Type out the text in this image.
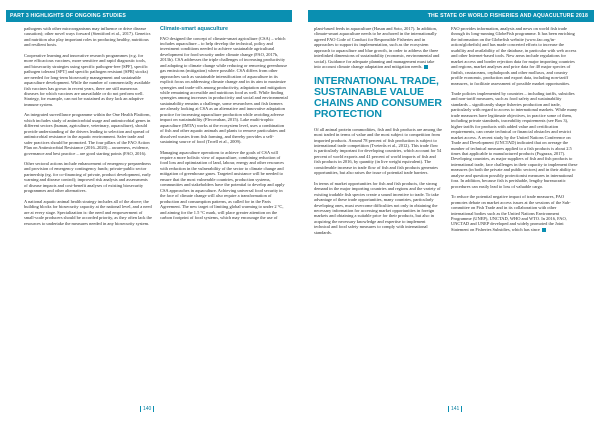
PART 3 HIGHLIGHTS OF ONGOING STUDIES	THE STATE OF WORLD FISHERIES AND AQUACULTURE 2018

pathogens with other microorganisms may influence or drive disease causation); other novel ways forward (Stentiford et al., 2017). Genetics and nutrition also play important roles in producing healthy, nutritious and resilient hosts.

Cooperative learning and innovative research programmes (e.g. for more efficacious vaccines, more sensitive and rapid diagnostic tools, and biosecurity strategies using specific pathogen-free [SPF], specific pathogen tolerant [SPT] and specific pathogen resistant [SPR] stocks) are needed for long-term biosecurity management and sustainable aquaculture development. While the number of commercially available fish vaccines has grown in recent years, there are still numerous diseases for which vaccines are unavailable or do not perform well. Strategy, for example, can not be sustained as they lack an adaptive immune system.

An integrated surveillance programme within the One Health Platform, which includes study of antimicrobial usage and antimicrobial genes in different sectors (human, agriculture, veterinary, aquaculture), should provide understanding of the drivers leading to selection and spread of antimicrobial resistance in the aquatic environment. Safer trade and safer practices should be promoted. The four pillars of the FAO Action Plan on Antimicrobial Resistance (2016–2020) – awareness, evidence, governance and best practice – are good starting points (FAO, 2016).

Other sectoral actions include enhancement of emergency preparedness and provision of emergency contingency funds; private-public sector partnership (eg. for co-financing of private, product development, early warning and disease control); improved risk analysis and assessments of disease impacts and cost-benefit analyses of existing biosecurity programmes and other alternatives.

A national aquatic animal health strategy includes all of the above; the building blocks for biosecurity capacity at the national level, and a need are at every stage. Specialization is: the need and empowerment of small-scale producers should be accorded priority, as they often lack the resources to undertake the measures needed in any biosecurity system.

Climate-smart aquaculture

FAO designed the concept of climate-smart agriculture (CSA) – which includes aquaculture – to help develop the technical, policy and investment conditions needed to achieve sustainable agricultural development for food security under climate change (FAO, 2017b, 2013b). CSA addresses the triple challenges of increasing productivity and adapting to climate change while reducing or removing greenhouse gas emissions (mitigation) where possible. CSA differs from other approaches such as sustainable intensification of aquaculture in its explicit focus on addressing climate change and in its aim to maximize synergies and trade-offs among productivity, adaptation and mitigation while remaining accessible and nutritious food as well. While finding synergies among increases in productivity and social and environmental sustainability remains a challenge, some researchers and fish farmers are already looking at CSA as an alternative and innovative adaptation practice for increasing aquaculture production while avoiding adverse impact on sustainability (Flecovahan, 2015). Lake multi-trophic aquaculture (IMTA) works at the ecosystem level, uses a combination of fish and other aquatic animals and plants to remove particulates and dissolved wastes from fish farming, and thereby provides a self-sustaining source of food (Troell et al., 2009).

Managing aquaculture operations to achieve the goals of CSA will require a more holistic view of aquaculture, combining reduction of food loss and optimization of land, labour, energy and other resources with reduction in the vulnerability of the sector to climate change and mitigation of greenhouse gases. Targeted assistance will be needed to ensure that the most vulnerable countries, production systems, communities and stakeholders have the potential to develop and apply CSA approaches in aquaculture. Achieving universal food security in the face of climate change will also require a transformation of production and consumption patterns, as called for in the Paris Agreement. The new target of limiting global warming to under 2 °C, and aiming for the 1.5 °C mark, will place greater attention on the carbon footprint of food systems, which may encourage the use of

plant-based feeds in aquaculture (Hasan and Soto, 2017). In addition, climate-smart aquaculture needs to be anchored in the internationally agreed FAO Code of Conduct for Responsible Fisheries and in approaches to support its implementation, such as the ecosystem approach to aquaculture and blue growth, in order to address the three interlinked dimensions of sustainability (economic, environmental and social). Guidance for adequate planning and management must take into account climate change adaptation and mitigation needs.

INTERNATIONAL TRADE, SUSTAINABLE VALUE CHAINS AND CONSUMER PROTECTION

Of all animal protein commodities, fish and fish products are among the most traded in terms of value and the most subject to competition from imported products. Around 78 percent of fish production is subject to international trade competition (Tveterås et al., 2012). This trade flow is particularly important for developing countries, which account for 54 percent of world exports and 41 percent of world imports of fish and fish products in 2016, by quantity (in live weight equivalent). The considerable increase in trade flow of fish and fish products generates opportunities, but also raises the issue of potential trade barriers.

In terms of market opportunities for fish and fish products, the strong demand in the major importing countries and regions and the variety of existing tradable fish species create a sound incentive to trade. To take advantage of these trade opportunities, many countries, particularly developing ones, must overcome difficulties not only in obtaining the necessary information for accessing market opportunities in foreign markets and obtaining a suitable price for their products, but also in acquiring the necessary knowledge and expertise to implement technical and food safety measures to comply with international standards.

FAO provides information, analysis and news on world fish trade through its long-running GlobeFish programme. It has been enriching the information on the Globefish website (www.fao.org/in-action/globefish) and has made concerted efforts to increase the usability and availability of the database, in particular with web access and other Internet-based tools. New areas include regulations for market access and border rejection data for major importing countries and regions, market analyses and price data for 40 major species of finfish, crustaceans, cephalopods and other molluscs, and country profile economic, production and export data, including non-tariff measures, to facilitate assessment of possible market opportunities.

Trade policies implemented by countries – including tariffs, subsidies and non-tariff measures, such as food safety and sustainability standards – significantly shape fisheries production and trade, particularly with regard to access to international markets. While many trade measures have legitimate objectives, in practice some of them, including private standards, traceability requirements (see Box 3), higher tariffs for products with added value and certification requirements, can create technical or financial obstacles and restrict market access. A recent study by the United Nations Conference on Trade and Development (UNCTAD) indicated that on average the number of technical measures applied to a fish products is about 2.5 times that applicable to manufactured products (Fugazza, 2017). Developing countries, as major suppliers of fish and fish products to international trade, face challenges in their capacity to implement these measures (in both the private and public sectors) and in their ability to analyse and question possibly protectionist measures in international fora. In addition, because fish is perishable, lengthy bureaucratic procedures can easily lead to loss of valuable cargo.

To reduce the potential negative impact of trade measures, FAO promotes debate on market access issues at the sessions of the Sub-committee on Fish Trade and in its collaboration with other international bodies such as the United Nations Environment Programme (UNEP), UNCTAD, WHO and WTO. In 2016, FAO, UNCTAD and UNEP developed and widely promoted the Joint Statement on Fisheries Subsidies, which has since

140	141
